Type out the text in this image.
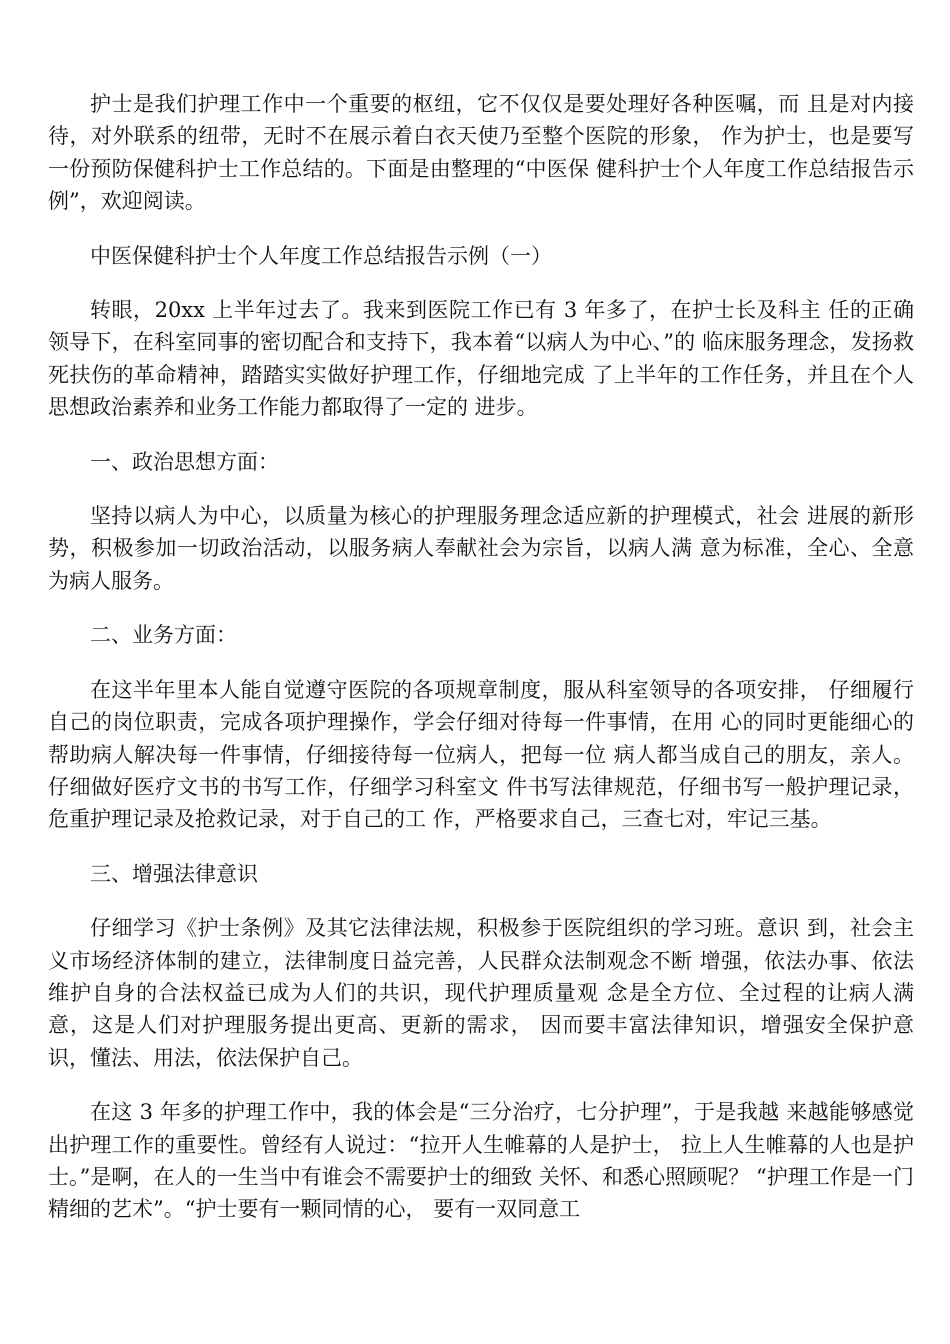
护士是我们护理工作中一个重要的枢纽，它不仅仅是要处理好各种医嘱，而 且是对内接待，对外联系的纽带，无时不在展示着白衣天使乃至整个医院的形象， 作为护士，也是要写一份预防保健科护士工作总结的。下面是由整理的“中医保 健科护士个人年度工作总结报告示例”，欢迎阅读。

中医保健科护士个人年度工作总结报告示例（一）

转眼，20xx 上半年过去了。我来到医院工作已有 3 年多了，在护士长及科主 任的正确领导下，在科室同事的密切配合和支持下，我本着“以病人为中心、”的 临床服务理念，发扬救死扶伤的革命精神，踏踏实实做好护理工作，仔细地完成 了上半年的工作任务，并且在个人思想政治素养和业务工作能力都取得了一定的 进步。

一、政治思想方面：

坚持以病人为中心，以质量为核心的护理服务理念适应新的护理模式，社会 进展的新形势，积极参加一切政治活动，以服务病人奉献社会为宗旨，以病人满 意为标准，全心、全意为病人服务。

二、业务方面：

在这半年里本人能自觉遵守医院的各项规章制度，服从科室领导的各项安排， 仔细履行自己的岗位职责，完成各项护理操作，学会仔细对待每一件事情，在用 心的同时更能细心的帮助病人解决每一件事情，仔细接待每一位病人，把每一位 病人都当成自己的朋友，亲人。仔细做好医疗文书的书写工作，仔细学习科室文 件书写法律规范，仔细书写一般护理记录，危重护理记录及抢救记录，对于自己的工 作，严格要求自己，三查七对，牢记三基。

三、增强法律意识

仔细学习《护士条例》及其它法律法规，积极参于医院组织的学习班。意识 到，社会主义市场经济体制的建立，法律制度日益完善，人民群众法制观念不断 增强，依法办事、依法维护自身的合法权益已成为人们的共识，现代护理质量观 念是全方位、全过程的让病人满意，这是人们对护理服务提出更高、更新的需求， 因而要丰富法律知识，增强安全保护意识，懂法、用法，依法保护自己。

在这 3 年多的护理工作中，我的体会是“三分治疗，七分护理”，于是我越 来越能够感觉出护理工作的重要性。曾经有人说过：“拉开人生帷幕的人是护士， 拉上人生帷幕的人也是护士。”是啊，在人的一生当中有谁会不需要护士的细致 关怀、和悉心照顾呢？ “护理工作是一门精细的艺术”。“护士要有一颗同情的心， 要有一双同意工
